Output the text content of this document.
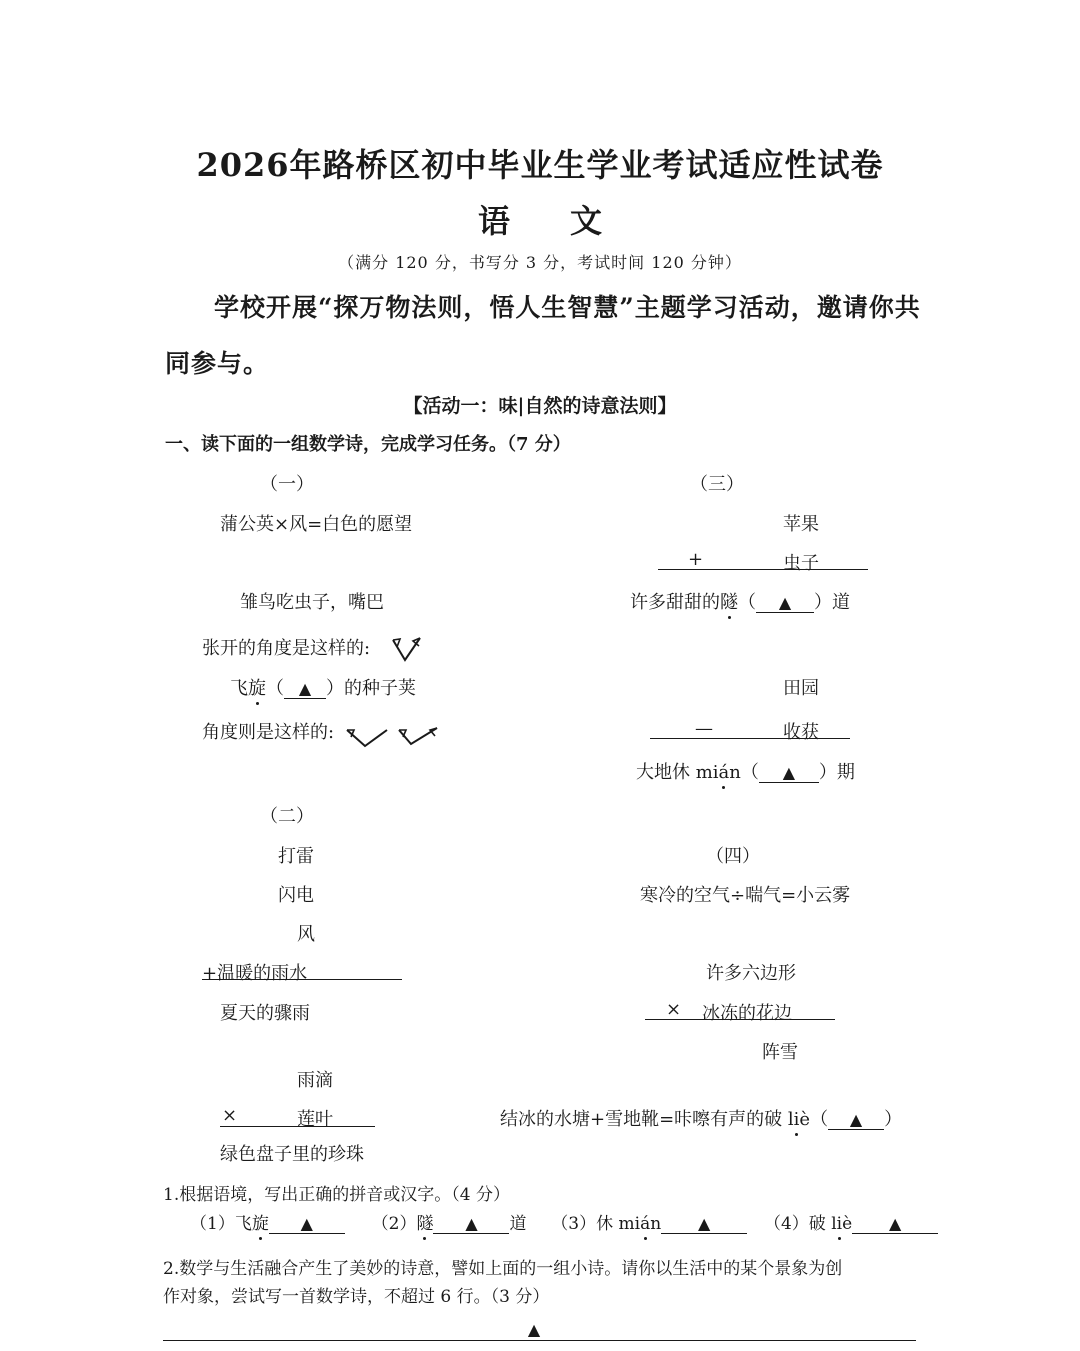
2026年路桥区初中毕业生学业考试适应性试卷
语文
（满分 120 分，书写分 3 分，考试时间 120 分钟）
学校开展“探万物法则，悟人生智慧”主题学习活动，邀请你共
同参与。
【活动一：味|自然的诗意法则】
一、读下面的一组数学诗，完成学习任务。（7 分）
（一）
蒲公英×风=白色的愿望
雏鸟吃虫子，嘴巴
张开的角度是这样的:
飞旋（ ▲ ）的种子荚
角度则是这样的:
（二）
打雷
闪电
风
+温暖的雨水
夏天的骤雨
雨滴
×	莲叶
绿色盘子里的珍珠
（三）
苹果
+	虫子
许多甜甜的隧（ ▲ ）道
田园
—	收获
大地休 mián（ ▲ ）期
（四）
寒冷的空气÷喘气=小云雾
许多六边形
× 冰冻的花边
阵雪
结冰的水塘+雪地靴=咔嚓有声的破 liè（ ▲ ）
1.根据语境，写出正确的拼音或汉字。（4 分）
（1）飞旋 ▲	（2）隧 ▲ 道 （3）休 mián ▲	（4）破 liè ▲
2.数学与生活融合产生了美妙的诗意，譬如上面的一组小诗。请你以生活中的某个景象为创
作对象，尝试写一首数学诗，不超过 6 行。（3 分）
▲
